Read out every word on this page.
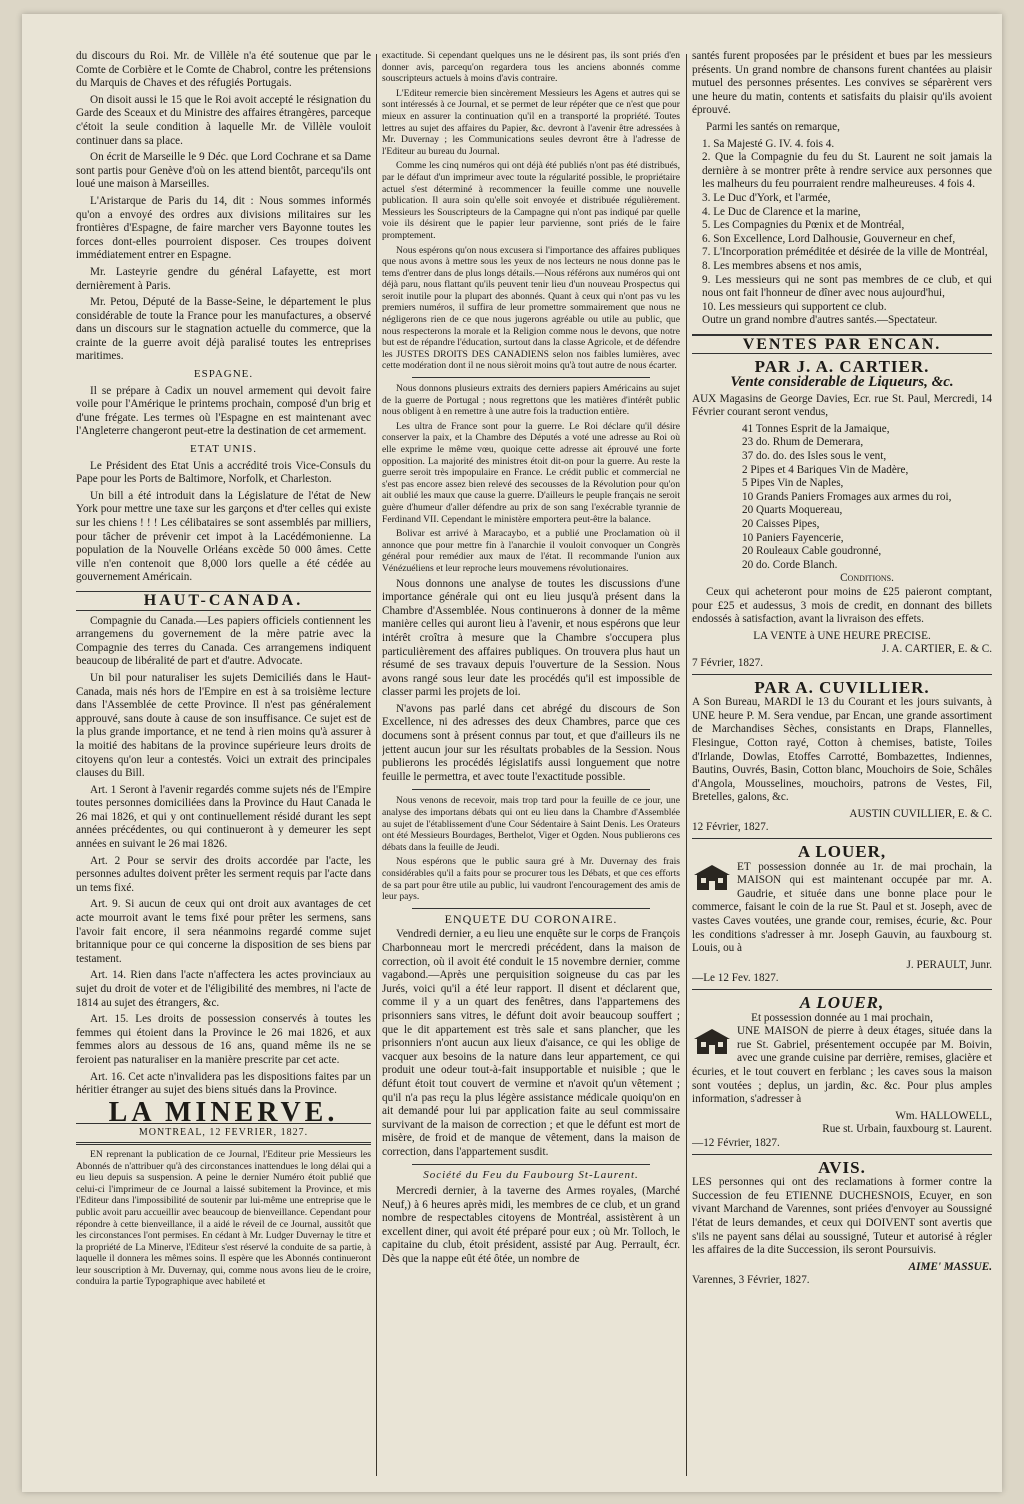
du discours du Roi. Mr. de Villèle n'a été soutenue que par le Comte de Corbière et le Comte de Chabrol, contre les prétensions du Marquis de Chaves et des réfugiés Portugais.

On disoit aussi le 15 que le Roi avoit accepté le résignation du Garde des Sceaux et du Ministre des affaires étrangères, parceque c'étoit la seule condition à laquelle Mr. de Villèle vouloit continuer dans sa place.

On écrit de Marseille le 9 Déc. que Lord Cochrane et sa Dame sont partis pour Genève d'où on les attend bientôt, parcequ'ils ont loué une maison à Marseilles.

L'Aristarque de Paris du 14, dit : Nous sommes informés qu'on a envoyé des ordres aux divisions militaires sur les frontières d'Espagne, de faire marcher vers Bayonne toutes les forces dont-elles pourroient disposer. Ces troupes doivent immédiatement entrer en Espagne.

Mr. Lasteyrie gendre du général Lafayette, est mort dernièrement à Paris.

Mr. Petou, Député de la Basse-Seine, le département le plus considérable de toute la France pour les manufactures, a observé dans un discours sur le stagnation actuelle du commerce, que la crainte de la guerre avoit déjà paralisé toutes les entreprises maritimes.

ESPAGNE.

Il se prépare à Cadix un nouvel armement qui devoit faire voile pour l'Amérique le printems prochain, composé d'un brig et d'une frégate. Les termes où l'Espagne en est maintenant avec l'Angleterre changeront peut-etre la destination de cet armement.

ETAT UNIS.

Le Président des Etat Unis a accrédité trois Vice-Consuls du Pape pour les Ports de Baltimore, Norfolk, et Charleston.

Un bill a été introduit dans la Législature de l'état de New York pour mettre une taxe sur les garçons et d'ter celles qui existe sur les chiens ! ! ! Les célibataires se sont assemblés par milliers, pour tâcher de prévenir cet impot à la Lacédémonienne. La population de la Nouvelle Orléans excède 50 000 âmes. Cette ville n'en contenoit que 8,000 lors quelle a été cédée au gouvernement Américain.

HAUT-CANADA.

Compagnie du Canada.—Les papiers officiels contiennent les arrangemens du governement de la mère patrie avec la Compagnie des terres du Canada. Ces arrangemens indiquent beaucoup de libéralité de part et d'autre. Advocate.

Un bil pour naturaliser les sujets Demiciliés dans le Haut-Canada, mais nés hors de l'Empire en est à sa troisième lecture dans l'Assemblée de cette Province. Il n'est pas généralement approuvé, sans doute à cause de son insuffisance. Ce sujet est de la plus grande importance, et ne tend à rien moins qu'à assurer à la moitié des habitans de la province supérieure leurs droits de citoyens qu'on leur a contestés. Voici un extrait des principales clauses du Bill.

Art. 1 Seront à l'avenir regardés comme sujets nés de l'Empire toutes personnes domiciliées dans la Province du Haut Canada le 26 mai 1826, et qui y ont continuellement résidé durant les sept années précédentes, ou qui continueront à y demeurer les sept années en suivant le 26 mai 1826.

Art. 2 Pour se servir des droits accordée par l'acte, les personnes adultes doivent prêter les serment requis par l'acte dans un tems fixé.

Art. 9. Si aucun de ceux qui ont droit aux avantages de cet acte mourroit avant le tems fixé pour prêter les sermens, sans l'avoir fait encore, il sera néanmoins regardé comme sujet britannique pour ce qui concerne la disposition de ses biens par testament.

Art. 14. Rien dans l'acte n'affectera les actes provinciaux au sujet du droit de voter et de l'éligibilité des membres, ni l'acte de 1814 au sujet des étrangers, &c.

Art. 15. Les droits de possession conservés à toutes les femmes qui étoient dans la Province le 26 mai 1826, et aux femmes alors au dessous de 16 ans, quand même ils ne se feroient pas naturaliser en la manière prescrite par cet acte.

Art. 16. Cet acte n'invalidera pas les dispositions faites par un héritier étranger au sujet des biens situés dans la Province.

LA MINERVE.
MONTREAL, 12 FEVRIER, 1827.

EN reprenant la publication de ce Journal, l'Editeur prie Messieurs les Abonnés de n'attribuer qu'à des circonstances inattendues le long délai qui a eu lieu depuis sa suspension. A peine le dernier Numéro étoit publié que celui-ci l'imprimeur de ce Journal a laissé subitement la Province, et mis l'Editeur dans l'impossibilité de soutenir par lui-même une entreprise que le public avoit paru accueillir avec beaucoup de bienveillance. Cependant pour répondre à cette bienveillance, il a aidé le réveil de ce Journal, aussitôt que les circonstances l'ont permises. En cédant à Mr. Ludger Duvernay le titre et la propriété de La Minerve, l'Editeur s'est réservé la conduite de sa partie, à laquelle il donnera les mêmes soins. Il espère que les Abonnés continueront leur souscription à Mr. Duvernay, qui, comme nous avons lieu de le croire, conduira la partie Typographique avec habileté et

exactitude. Si cependant quelques uns ne le désirent pas, ils sont priés d'en donner avis, parcequ'on regardera tous les anciens abonnés comme souscripteurs actuels à moins d'avis contraire.

L'Editeur remercie bien sincèrement Messieurs les Agens et autres qui se sont intéressés à ce Journal, et se permet de leur répéter que ce n'est que pour mieux en assurer la continuation qu'il en a transporté la propriété. Toutes lettres au sujet des affaires du Papier, &c. devront à l'avenir être adressées à Mr. Duvernay ; les Communications seules devront être à l'adresse de l'Editeur au bureau du Journal.

Comme les cinq numéros qui ont déjà été publiés n'ont pas été distribués, par le défaut d'un imprimeur avec toute la régularité possible, le propriétaire actuel s'est déterminé à recommencer la feuille comme une nouvelle publication. Il aura soin qu'elle soit envoyée et distribuée régulièrement. Messieurs les Souscripteurs de la Campagne qui n'ont pas indiqué par quelle voie ils désirent que le papier leur parvienne, sont priés de le faire promptement.

Nous espérons qu'on nous excusera si l'importance des affaires publiques que nous avons à mettre sous les yeux de nos lecteurs ne nous donne pas le tems d'entrer dans de plus longs détails.—Nous référons aux numéros qui ont déjà paru, nous flattant qu'ils peuvent tenir lieu d'un nouveau Prospectus qui seroit inutile pour la plupart des abonnés. Quant à ceux qui n'ont pas vu les premiers numéros, il suffira de leur promettre sommairement que nous ne négligerons rien de ce que nous jugerons agréable ou utile au public, que nous respecterons la morale et la Religion comme nous le devons, que notre but est de répandre l'éducation, surtout dans la classe Agricole, et de défendre les JUSTES DROITS DES CANADIENS selon nos faibles lumières, avec cette modération dont il ne nous sièroit moins qu'à tout autre de nous écarter.

Nous donnons plusieurs extraits des derniers papiers Américains au sujet de la guerre de Portugal ; nous regrettons que les matières d'intérêt public nous obligent à en remettre à une autre fois la traduction entière.

Les ultra de France sont pour la guerre. Le Roi déclare qu'il désire conserver la paix, et la Chambre des Députés a voté une adresse au Roi où elle exprime le même vœu, quoique cette adresse ait éprouvé une forte opposition. La majorité des ministres étoit dit-on pour la guerre. Au reste la guerre seroit très impopulaire en France. Le crédit public et commercial ne s'est pas encore assez bien relevé des secousses de la Révolution pour qu'on ait oublié les maux que cause la guerre. D'ailleurs le peuple français ne seroit guère d'humeur d'aller défendre au prix de son sang l'exécrable tyrannie de Ferdinand VII. Cependant le ministère emportera peut-être la balance.

Bolivar est arrivé à Maracaybo, et a publié une Proclamation où il annonce que pour mettre fin à l'anarchie il vouloit convoquer un Congrès général pour remédier aux maux de l'état. Il recommande l'union aux Vénézuéliens et leur reproche leurs mouvemens révolutionaires.

Nous donnons une analyse de toutes les discussions d'une importance générale qui ont eu lieu jusqu'à présent dans la Chambre d'Assemblée. Nous continuerons à donner de la même manière celles qui auront lieu à l'avenir, et nous espérons que leur intérêt croîtra à mesure que la Chambre s'occupera plus particulièrement des affaires publiques. On trouvera plus haut un résumé de ses travaux depuis l'ouverture de la Session. Nous avons rangé sous leur date les procédés qu'il est impossible de classer parmi les projets de loi.

N'avons pas parlé dans cet abrégé du discours de Son Excellence, ni des adresses des deux Chambres, parce que ces documens sont à présent connus par tout, et que d'ailleurs ils ne jettent aucun jour sur les résultats probables de la Session. Nous publierons les procédés législatifs aussi longuement que notre feuille le permettra, et avec toute l'exactitude possible.

Nous venons de recevoir, mais trop tard pour la feuille de ce jour, une analyse des importans débats qui ont eu lieu dans la Chambre d'Assemblée au sujet de l'établissement d'une Cour Sédentaire à Saint Denis. Les Orateurs ont été Messieurs Bourdages, Berthelot, Viger et Ogden. Nous publierons ces débats dans la feuille de Jeudi.

Nous espérons que le public saura gré à Mr. Duvernay des frais considérables qu'il a faits pour se procurer tous les Débats, et que ces efforts de sa part pour être utile au public, lui vaudront l'encouragement des amis de leur pays.

ENQUETE DU CORONAIRE.

Vendredi dernier, a eu lieu une enquête sur le corps de François Charbonneau mort le mercredi précédent, dans la maison de correction, où il avoit été conduit le 15 novembre dernier, comme vagabond.—Après une perquisition soigneuse du cas par les Jurés, voici qu'il a été leur rapport. Il disent et déclarent que, comme il y a un quart des fenêtres, dans l'appartemens des prisonniers sans vitres, le défunt doit avoir beaucoup souffert ; que le dit appartement est très sale et sans plancher, que les prisonniers n'ont aucun aux lieux d'aisance, ce qui les oblige de vacquer aux besoins de la nature dans leur appartement, ce qui produit une odeur tout-à-fait insupportable et nuisible ; que le défunt étoit tout couvert de vermine et n'avoit qu'un vêtement ; qu'il n'a pas reçu la plus légère assistance médicale quoiqu'on en ait demandé pour lui par application faite au seul commissaire survivant de la maison de correction ; et que le défunt est mort de misère, de froid et de manque de vêtement, dans la maison de correction, dans l'appartement susdit.

Société du Feu du Faubourg St-Laurent.

Mercredi dernier, à la taverne des Armes royales, (Marché Neuf,) à 6 heures après midi, les membres de ce club, et un grand nombre de respectables citoyens de Montréal, assistèrent à un excellent diner, qui avoit été préparé pour eux ; où Mr. Tolloch, le capitaine du club, étoit président, assisté par Aug. Perrault, écr. Dès que la nappe eût été ôtée, un nombre de

santés furent proposées par le président et bues par les messieurs présents. Un grand nombre de chansons furent chantées au plaisir mutuel des personnes présentes. Les convives se séparèrent vers une heure du matin, contents et satisfaits du plaisir qu'ils avoient éprouvé.

Parmi les santés on remarque,

1. Sa Majesté G. IV. 4. fois 4.
2. Que la Compagnie du feu du St. Laurent ne soit jamais la dernière à se montrer prête à rendre service aux personnes que les malheurs du feu pourraient rendre malheureuses. 4 fois 4.
3. Le Duc d'York, et l'armée,
4. Le Duc de Clarence et la marine,
5. Les Compagnies du Pœnix et de Montréal,
6. Son Excellence, Lord Dalhousie, Gouverneur en chef,
7. L'Incorporation préméditée et désirée de la ville de Montréal,
8. Les membres absens et nos amis,
9. Les messieurs qui ne sont pas membres de ce club, et qui nous ont fait l'honneur de dîner avec nous aujourd'hui,
10. Les messieurs qui supportent ce club.
Outre un grand nombre d'autres santés.—Spectateur.
VENTES PAR ENCAN.
PAR J. A. CARTIER.
Vente considerable de Liqueurs, &c.

AUX Magasins de George Davies, Ecr. rue St. Paul, Mercredi, 14 Février courant seront vendus,

41 Tonnes Esprit de la Jamaique,
23 do. Rhum de Demerara,
37 do. do. des Isles sous le vent,
2 Pipes et 4 Bariques Vin de Madère,
5 Pipes Vin de Naples,
10 Grands Paniers Fromages aux armes du roi,
20 Quarts Moquereau,
20 Caisses Pipes,
10 Paniers Fayencerie,
20 Rouleaux Cable goudronné,
20 do. Corde Blanch.
Conditions.

Ceux qui acheteront pour moins de £25 paieront comptant, pour £25 et audessus, 3 mois de credit, en donnant des billets endossés à satisfaction, avant la livraison des effets.

LA VENTE à UNE HEURE PRECISE.
J. A. CARTIER, E. & C.
7 Février, 1827.
PAR A. CUVILLIER.

A Son Bureau, MARDI le 13 du Courant et les jours suivants, à UNE heure P. M. Sera vendue, par Encan, une grande assortiment de Marchandises Sèches, consistants en Draps, Flannelles, Flesingue, Cotton rayé, Cotton à chemises, batiste, Toiles d'Irlande, Dowlas, Etoffes Carrotté, Bombazettes, Indiennes, Bautins, Ouvrés, Basin, Cotton blanc, Mouchoirs de Soie, Schâles d'Angola, Mousselines, mouchoirs, patrons de Vestes, Fil, Bretelles, galons, &c.

AUSTIN CUVILLIER, E. & C.
12 Février, 1827.
A LOUER,

ET possession donnée au 1r. de mai prochain, la MAISON qui est maintenant occupée par mr. A. Gaudrie, et située dans une bonne place pour le commerce, faisant le coin de la rue St. Paul et st. Joseph, avec de vastes Caves voutées, une grande cour, remises, écurie, &c. Pour les conditions s'adresser à mr. Joseph Gauvin, au fauxbourg st. Louis, ou à

J. PERAULT, Junr.
—Le 12 Fev. 1827.
A LOUER,
Et possession donnée au 1 mai prochain,

UNE MAISON de pierre à deux étages, située dans la rue St. Gabriel, présentement occupée par M. Boivin, avec une grande cuisine par derrière, remises, glacière et écuries, et le tout couvert en ferblanc ; les caves sous la maison sont voutées ; deplus, un jardin, &c. &c. Pour plus amples information, s'adresser à

Wm. HALLOWELL,
Rue st. Urbain, fauxbourg st. Laurent.
—12 Février, 1827.
AVIS.

LES personnes qui ont des reclamations à former contre la Succession de feu ETIENNE DUCHESNOIS, Ecuyer, en son vivant Marchand de Varennes, sont priées d'envoyer au Soussigné l'état de leurs demandes, et ceux qui DOIVENT sont avertis que s'ils ne payent sans délai au soussigné, Tuteur et autorisé à régler les affaires de la dite Succession, ils seront Poursuivis.

AIME' MASSUE.
Varennes, 3 Février, 1827.
